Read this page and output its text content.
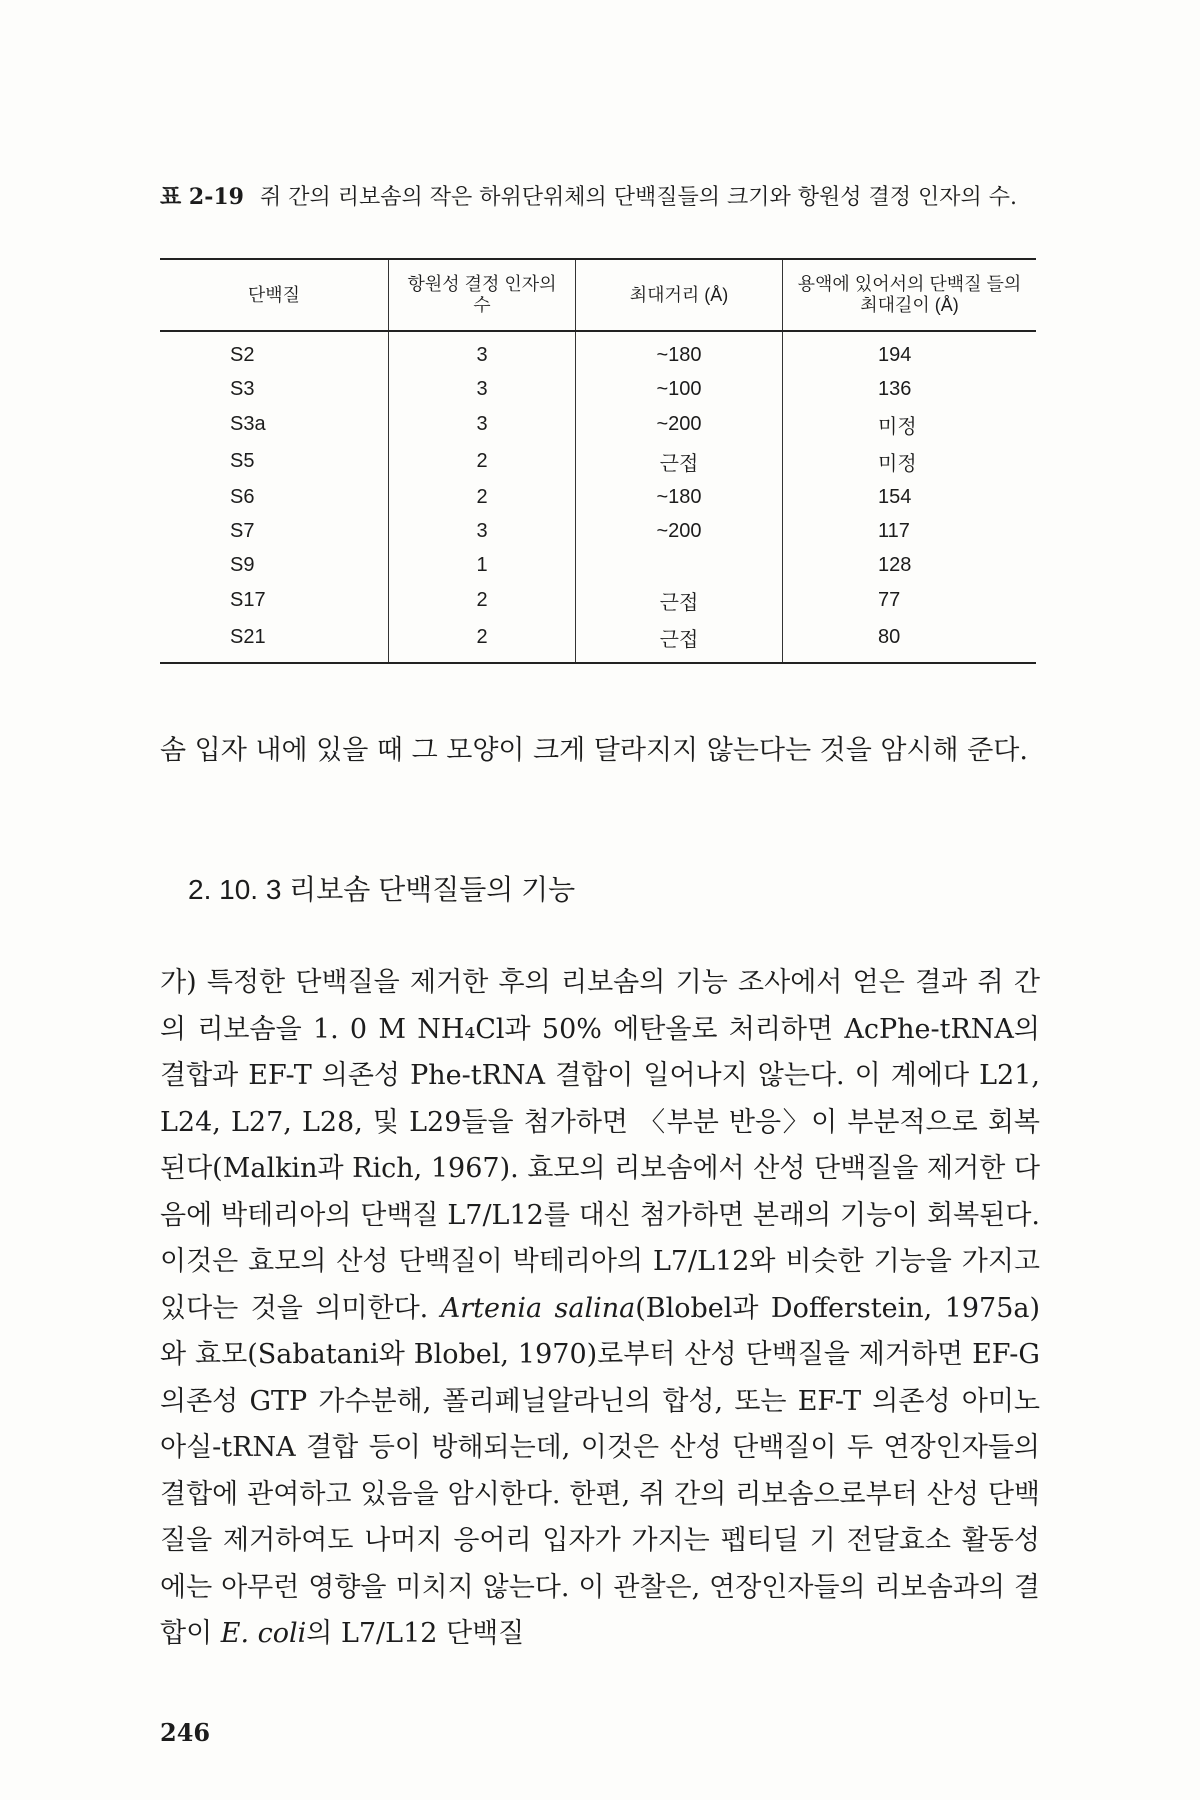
표 2-19 쥐 간의 리보솜의 작은 하위단위체의 단백질들의 크기와 항원성 결정 인자의 수.
단백질	항원성 결정 인자의 수	최대거리 (Å)	용액에 있어서의 단백질 들의 최대길이 (Å)
S2	3	~180	194
S3	3	~100	136
S3a	3	~200	미정
S5	2	근접	미정
S6	2	~180	154
S7	3	~200	117
S9	1		128
S17	2	근접	77
S21	2	근접	80
솜 입자 내에 있을 때 그 모양이 크게 달라지지 않는다는 것을 암시해 준다.
2. 10. 3 리보솜 단백질들의 기능
가) 특정한 단백질을 제거한 후의 리보솜의 기능 조사에서 얻은 결과 쥐 간의 리보솜을 1. 0 M NH₄Cl과 50% 에탄올로 처리하면 AcPhe-tRNA의 결합과 EF-T 의존성 Phe-tRNA 결합이 일어나지 않는다. 이 계에다 L21, L24, L27, L28, 및 L29들을 첨가하면 〈부분 반응〉이 부분적으로 회복된다(Malkin과 Rich, 1967). 효모의 리보솜에서 산성 단백질을 제거한 다음에 박테리아의 단백질 L7/L12를 대신 첨가하면 본래의 기능이 회복된다. 이것은 효모의 산성 단백질이 박테리아의 L7/L12와 비슷한 기능을 가지고 있다는 것을 의미한다. Artenia salina(Blobel과 Dofferstein, 1975a)와 효모(Sabatani와 Blobel, 1970)로부터 산성 단백질을 제거하면 EF-G 의존성 GTP 가수분해, 폴리페닐알라닌의 합성, 또는 EF-T 의존성 아미노아실-tRNA 결합 등이 방해되는데, 이것은 산성 단백질이 두 연장인자들의 결합에 관여하고 있음을 암시한다. 한편, 쥐 간의 리보솜으로부터 산성 단백질을 제거하여도 나머지 응어리 입자가 가지는 펩티딜 기 전달효소 활동성에는 아무런 영향을 미치지 않는다. 이 관찰은, 연장인자들의 리보솜과의 결합이 E. coli의 L7/L12 단백질
246
